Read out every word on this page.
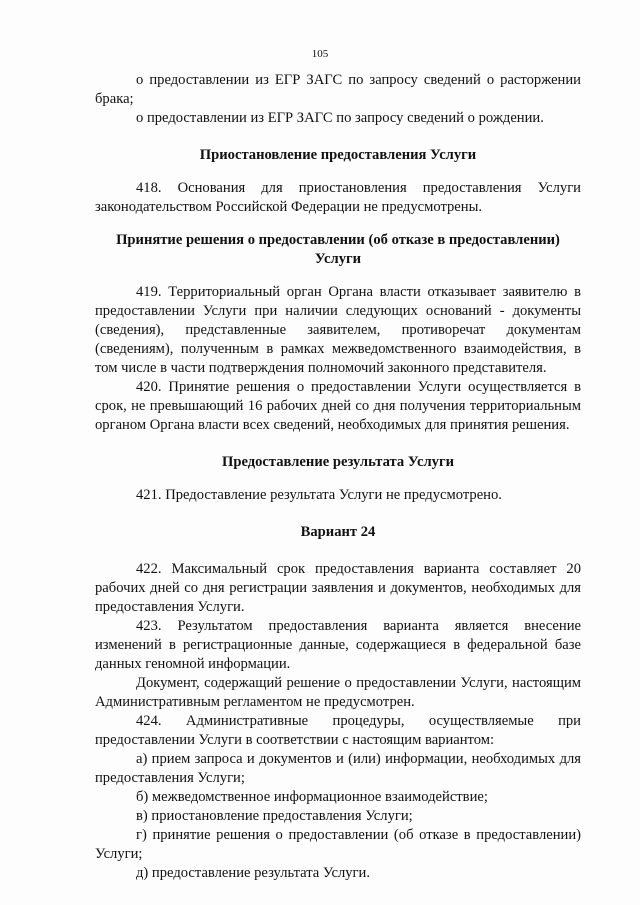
105

о предоставлении из ЕГР ЗАГС по запросу сведений о расторжении брака;

о предоставлении из ЕГР ЗАГС по запросу сведений о рождении.

Приостановление предоставления Услуги

418. Основания для приостановления предоставления Услуги законодательством Российской Федерации не предусмотрены.

Принятие решения о предоставлении (об отказе в предоставлении) Услуги

419. Территориальный орган Органа власти отказывает заявителю в предоставлении Услуги при наличии следующих оснований - документы (сведения), представленные заявителем, противоречат документам (сведениям), полученным в рамках межведомственного взаимодействия, в том числе в части подтверждения полномочий законного представителя.

420. Принятие решения о предоставлении Услуги осуществляется в срок, не превышающий 16 рабочих дней со дня получения территориальным органом Органа власти всех сведений, необходимых для принятия решения.

Предоставление результата Услуги

421. Предоставление результата Услуги не предусмотрено.

Вариант 24

422. Максимальный срок предоставления варианта составляет 20 рабочих дней со дня регистрации заявления и документов, необходимых для предоставления Услуги.

423. Результатом предоставления варианта является внесение изменений в регистрационные данные, содержащиеся в федеральной базе данных геномной информации.

Документ, содержащий решение о предоставлении Услуги, настоящим Административным регламентом не предусмотрен.

424. Административные процедуры, осуществляемые при предоставлении Услуги в соответствии с настоящим вариантом:

а) прием запроса и документов и (или) информации, необходимых для предоставления Услуги;

б) межведомственное информационное взаимодействие;

в) приостановление предоставления Услуги;

г) принятие решения о предоставлении (об отказе в предоставлении) Услуги;

д) предоставление результата Услуги.
